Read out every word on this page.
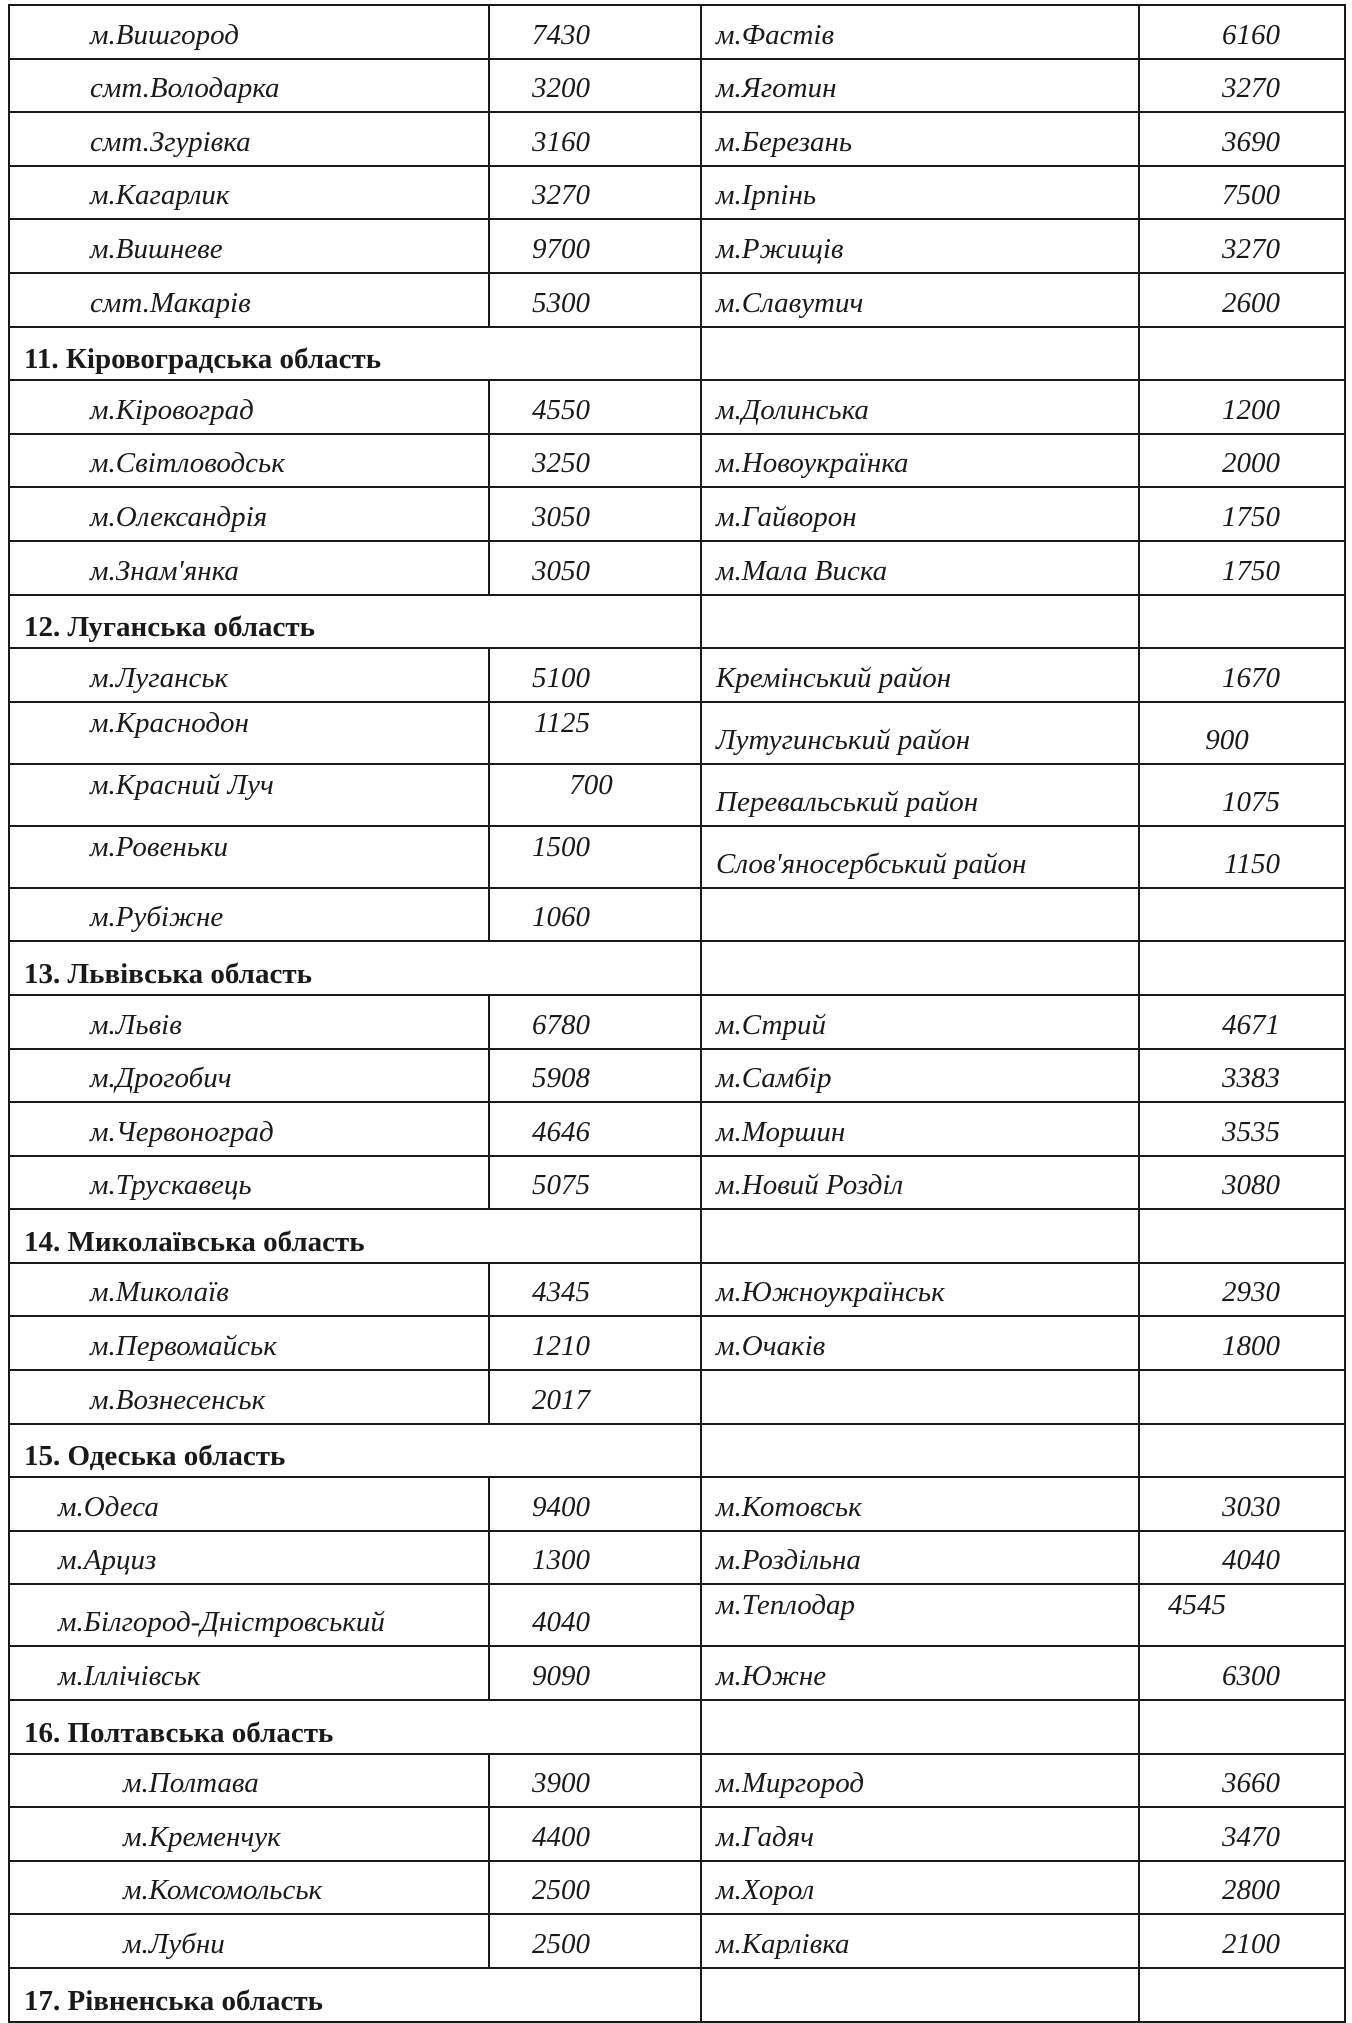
м.Вишгород	7430	м.Фастів	6160

смт.Володарка	3200	м.Яготин	3270

смт.Згурівка	3160	м.Березань	3690

м.Кагарлик	3270	м.Ірпінь	7500

м.Вишневе	9700	м.Ржищів	3270

смт.Макарів	5300	м.Славутич	2600

11. Кіровоградська область			

м.Кіровоград	4550	м.Долинська	1200

м.Світловодськ	3250	м.Новоукраїнка	2000

м.Олександрія	3050	м.Гайворон	1750

м.Знам'янка	3050	м.Мала Виска	1750

12. Луганська область			

м.Луганськ	5100	Кремінський район	1670

м.Краснодон	1125	Лутугинський район	900

м.Красний Луч	700	Перевальський район	1075

м.Ровеньки	1500	Слов'яносербський район	1150

м.Рубіжне	1060		

13. Львівська область			

м.Львів	6780	м.Стрий	4671

м.Дрогобич	5908	м.Самбір	3383

м.Червоноград	4646	м.Моршин	3535

м.Трускавець	5075	м.Новий Розділ	3080

14. Миколаївська область			

м.Миколаїв	4345	м.Южноукраїнськ	2930

м.Первомайськ	1210	м.Очаків	1800

м.Вознесенськ	2017		

15. Одеська область			

м.Одеса	9400	м.Котовськ	3030

м.Арциз	1300	м.Роздільна	4040

м.Білгород-Дністровський	4040	м.Теплодар	4545

м.Іллічівськ	9090	м.Южне	6300

16. Полтавська область			

м.Полтава	3900	м.Миргород	3660

м.Кременчук	4400	м.Гадяч	3470

м.Комсомольськ	2500	м.Хорол	2800

м.Лубни	2500	м.Карлівка	2100

17. Рівненська область			
